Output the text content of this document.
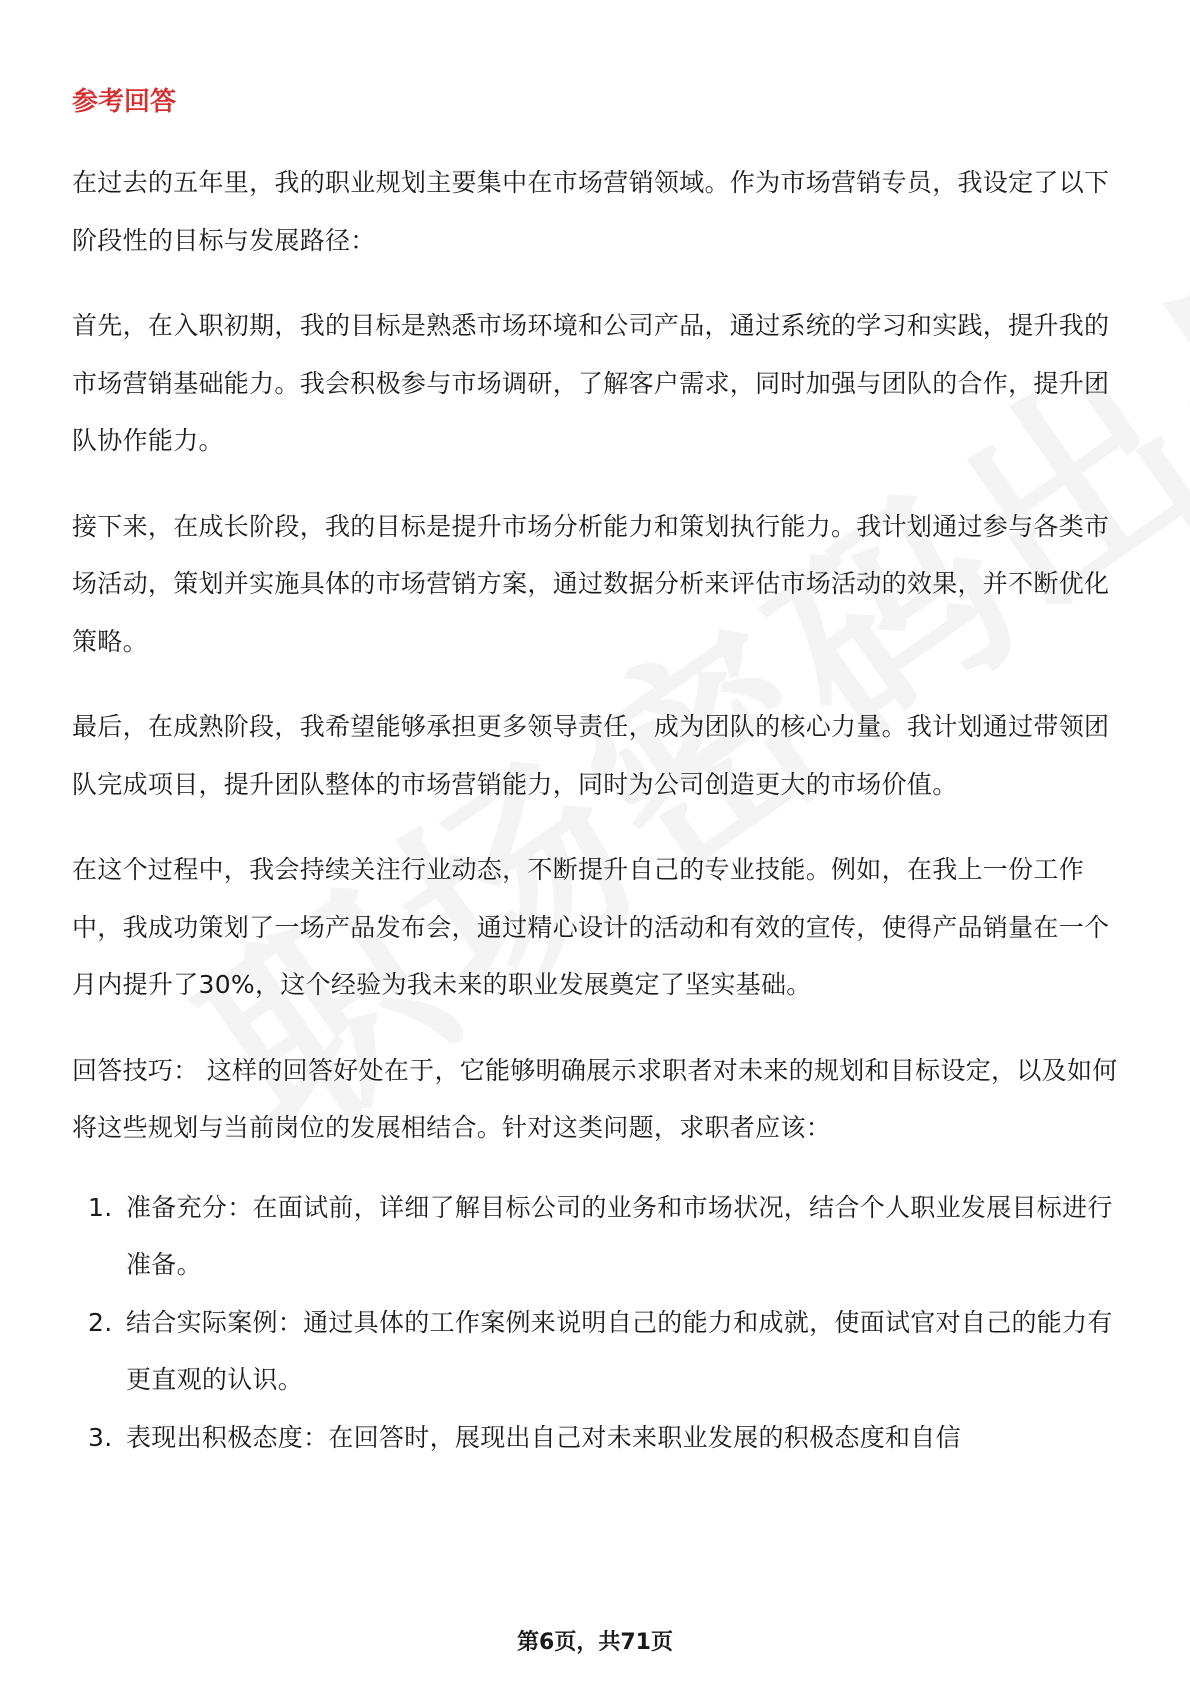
参考回答

在过去的五年里，我的职业规划主要集中在市场营销领域。作为市场营销专员，我设定了以下阶段性的目标与发展路径：

首先，在入职初期，我的目标是熟悉市场环境和公司产品，通过系统的学习和实践，提升我的市场营销基础能力。我会积极参与市场调研，了解客户需求，同时加强与团队的合作，提升团队协作能力。

接下来，在成长阶段，我的目标是提升市场分析能力和策划执行能力。我计划通过参与各类市场活动，策划并实施具体的市场营销方案，通过数据分析来评估市场活动的效果，并不断优化策略。

最后，在成熟阶段，我希望能够承担更多领导责任，成为团队的核心力量。我计划通过带领团队完成项目，提升团队整体的市场营销能力，同时为公司创造更大的市场价值。

在这个过程中，我会持续关注行业动态，不断提升自己的专业技能。例如，在我上一份工作中，我成功策划了一场产品发布会，通过精心设计的活动和有效的宣传，使得产品销量在一个月内提升了30%，这个经验为我未来的职业发展奠定了坚实基础。

回答技巧： 这样的回答好处在于，它能够明确展示求职者对未来的规划和目标设定，以及如何将这些规划与当前岗位的发展相结合。针对这类问题，求职者应该：

1. 准备充分：在面试前，详细了解目标公司的业务和市场状况，结合个人职业发展目标进行准备。
2. 结合实际案例：通过具体的工作案例来说明自己的能力和成就，使面试官对自己的能力有更直观的认识。
3. 表现出积极态度：在回答时，展现出自己对未来职业发展的积极态度和自信
第6页，共71页
